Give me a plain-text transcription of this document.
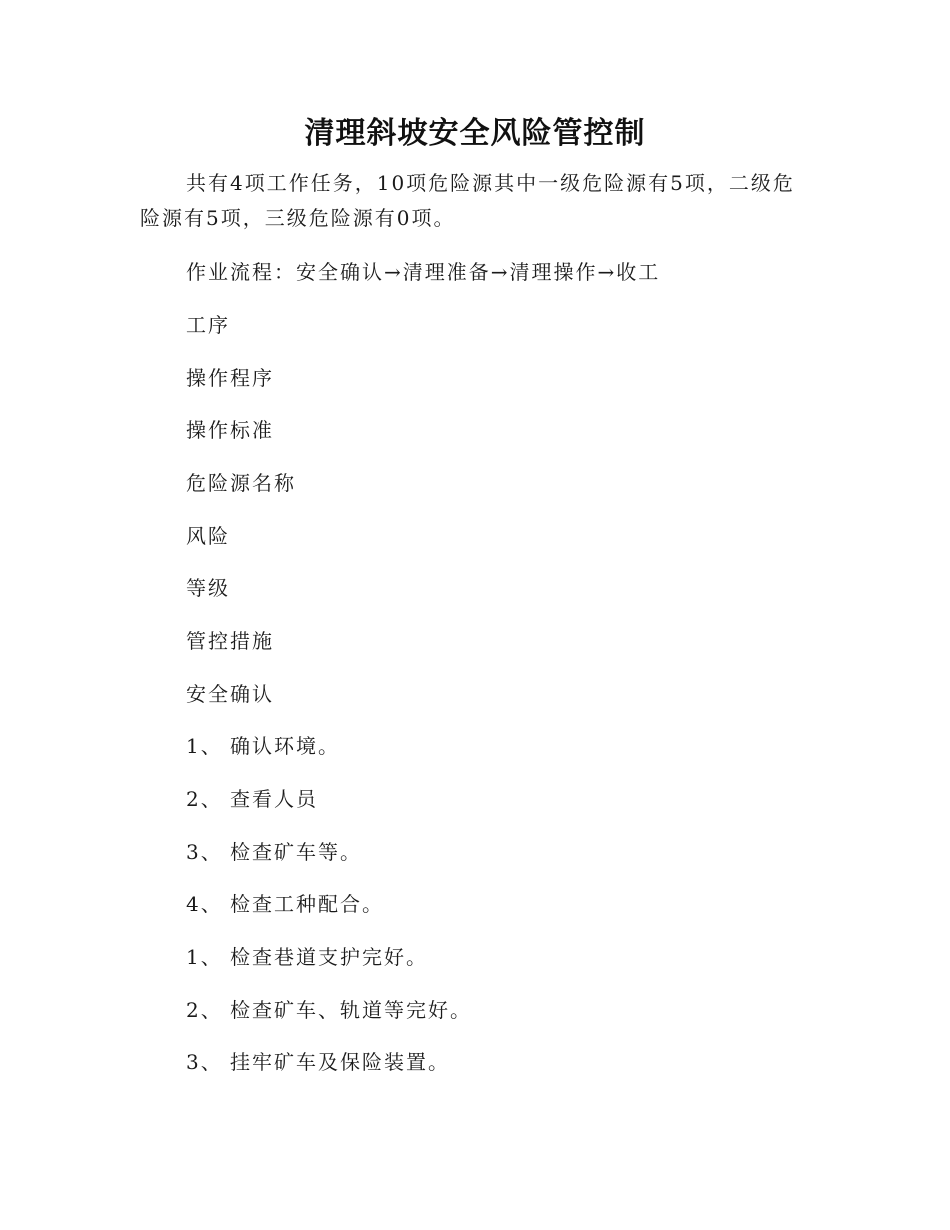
清理斜坡安全风险管控制
共有4项工作任务，10项危险源其中一级危险源有5项，二级危险源有5项，三级危险源有0项。
作业流程：安全确认→清理准备→清理操作→收工
工序
操作程序
操作标准
危险源名称
风险
等级
管控措施
安全确认
1、 确认环境。
2、 查看人员
3、 检查矿车等。
4、 检查工种配合。
1、 检查巷道支护完好。
2、 检查矿车、轨道等完好。
3、 挂牢矿车及保险装置。
